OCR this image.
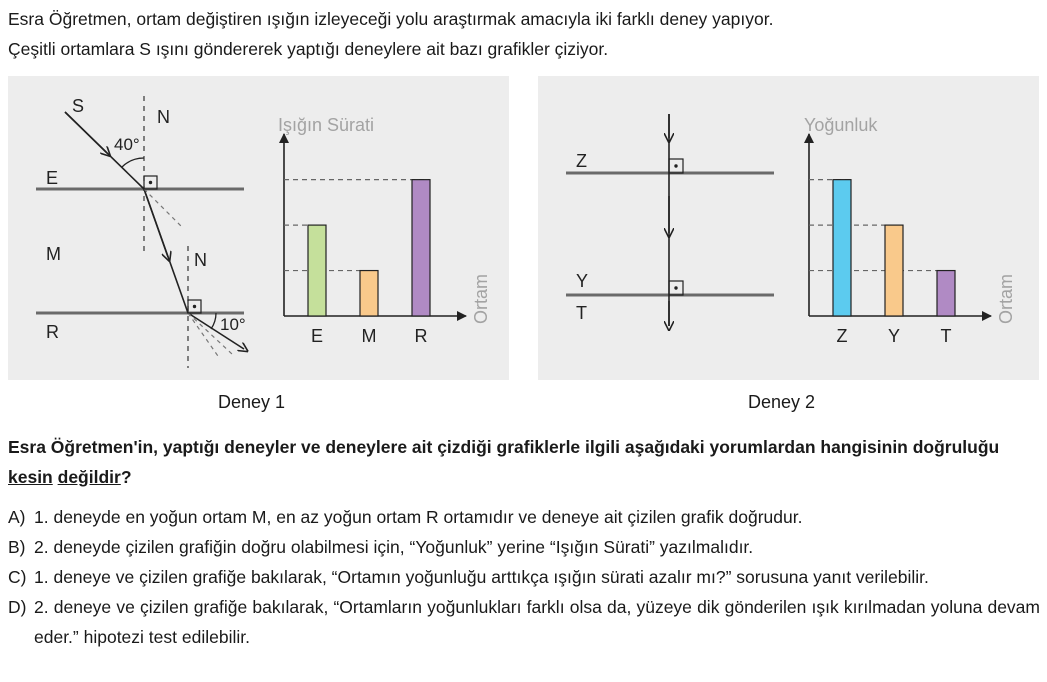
Esra Öğretmen, ortam değiştiren ışığın izleyeceği yolu araştırmak amacıyla iki farklı deney yapıyor.
Çeşitli ortamlara S ışını göndererek yaptığı deneylere ait bazı grafikler çiziyor.
S
N
N
40°
10°
E
M
R
Işığın Sürati
Ortam
E M R
Z
Y
T
Yoğunluk
Ortam
Z Y T
Deney 1	Deney 2
Esra Öğretmen'in, yaptığı deneyler ve deneylere ait çizdiği grafiklerle ilgili aşağıdaki yorumlardan hangisinin doğruluğu kesin değildir?
A) 1. deneyde en yoğun ortam M, en az yoğun ortam R ortamıdır ve deneye ait çizilen grafik doğrudur.
B) 2. deneyde çizilen grafiğin doğru olabilmesi için, “Yoğunluk” yerine “Işığın Sürati” yazılmalıdır.
C) 1. deneye ve çizilen grafiğe bakılarak, “Ortamın yoğunluğu arttıkça ışığın sürati azalır mı?” sorusuna yanıt verilebilir.
D) 2. deneye ve çizilen grafiğe bakılarak, “Ortamların yoğunlukları farklı olsa da, yüzeye dik gönderilen ışık kırılmadan yoluna devam eder.” hipotezi test edilebilir.
